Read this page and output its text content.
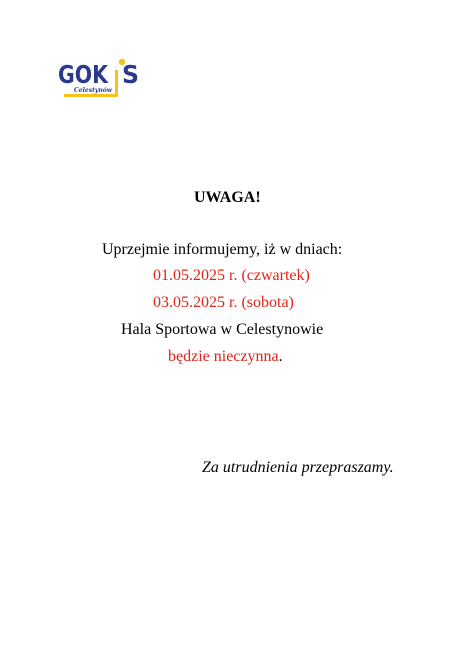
GOK S
Celestynów
UWAGA!
Uprzejmie informujemy, iż w dniach:
01.05.2025 r. (czwartek)
03.05.2025 r. (sobota)
Hala Sportowa w Celestynowie
będzie nieczynna.
Za utrudnienia przepraszamy.
